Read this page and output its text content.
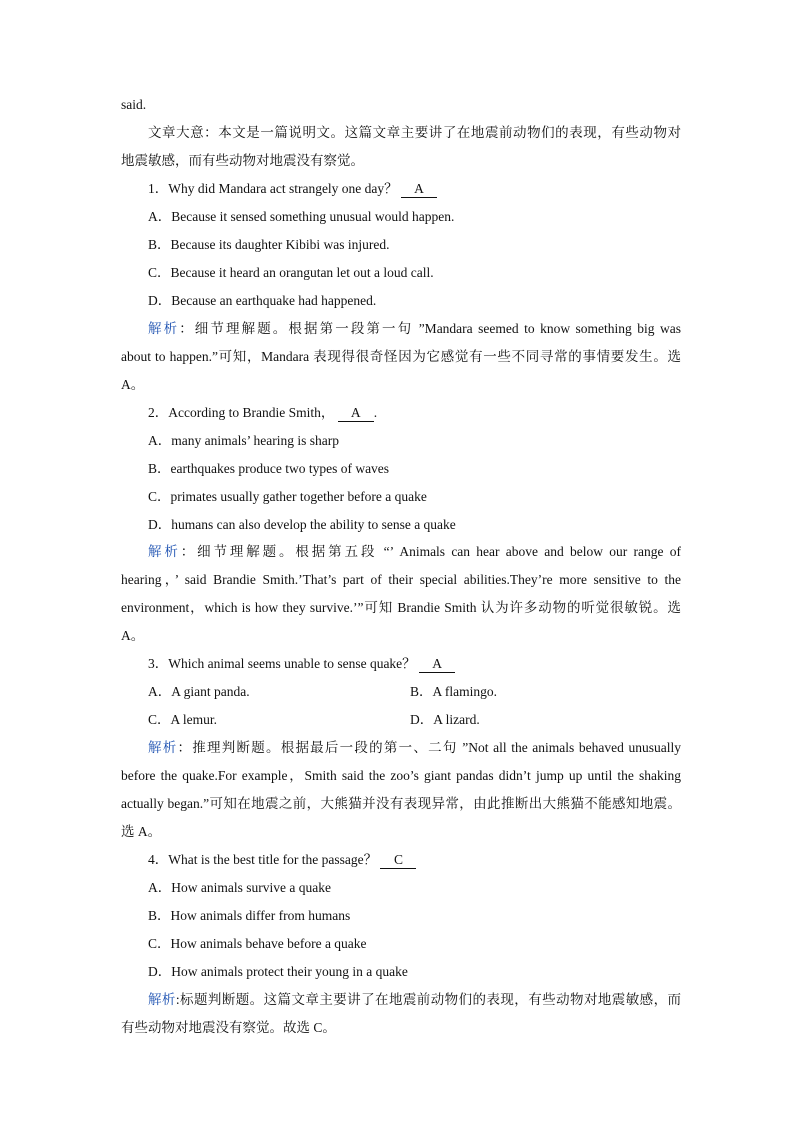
said.
文章大意：本文是一篇说明文。这篇文章主要讲了在地震前动物们的表现，有些动物对
地震敏感，而有些动物对地震没有察觉。
1．Why did Mandara act strangely one day？ A
A．Because it sensed something unusual would happen.
B．Because its daughter Kibibi was injured.
C．Because it heard an orangutan let out a loud call.
D．Because an earthquake had happened.
解析：细节理解题。根据第一段第一句 ”Mandara seemed to know something big was
about to happen.”可知，Mandara 表现得很奇怪因为它感觉有一些不同寻常的事情要发生。选
A。
2．According to Brandie Smith， A .
A．many animals’ hearing is sharp
B．earthquakes produce two types of waves
C．primates usually gather together before a quake
D．humans can also develop the ability to sense a quake
解析：细节理解题。根据第五段 “’ Animals can hear above and below our range of
hearing，’ said Brandie Smith.’That’s part of their special abilities.They’re more sensitive to the
environment，which is how they survive.’”可知 Brandie Smith 认为许多动物的听觉很敏锐。选
A。
3．Which animal seems unable to sense quake？ A
A．A giant panda.	B．A flamingo.
C．A lemur.	D．A lizard.
解析：推理判断题。根据最后一段的第一、二句 ”Not all the animals behaved unusually
before the quake.For example，Smith said the zoo’s giant pandas didn’t jump up until the shaking
actually began.”可知在地震之前，大熊猫并没有表现异常，由此推断出大熊猫不能感知地震。
选 A。
4．What is the best title for the passage？ C
A．How animals survive a quake
B．How animals differ from humans
C．How animals behave before a quake
D．How animals protect their young in a quake
解析:标题判断题。这篇文章主要讲了在地震前动物们的表现，有些动物对地震敏感，而
有些动物对地震没有察觉。故选 C。
